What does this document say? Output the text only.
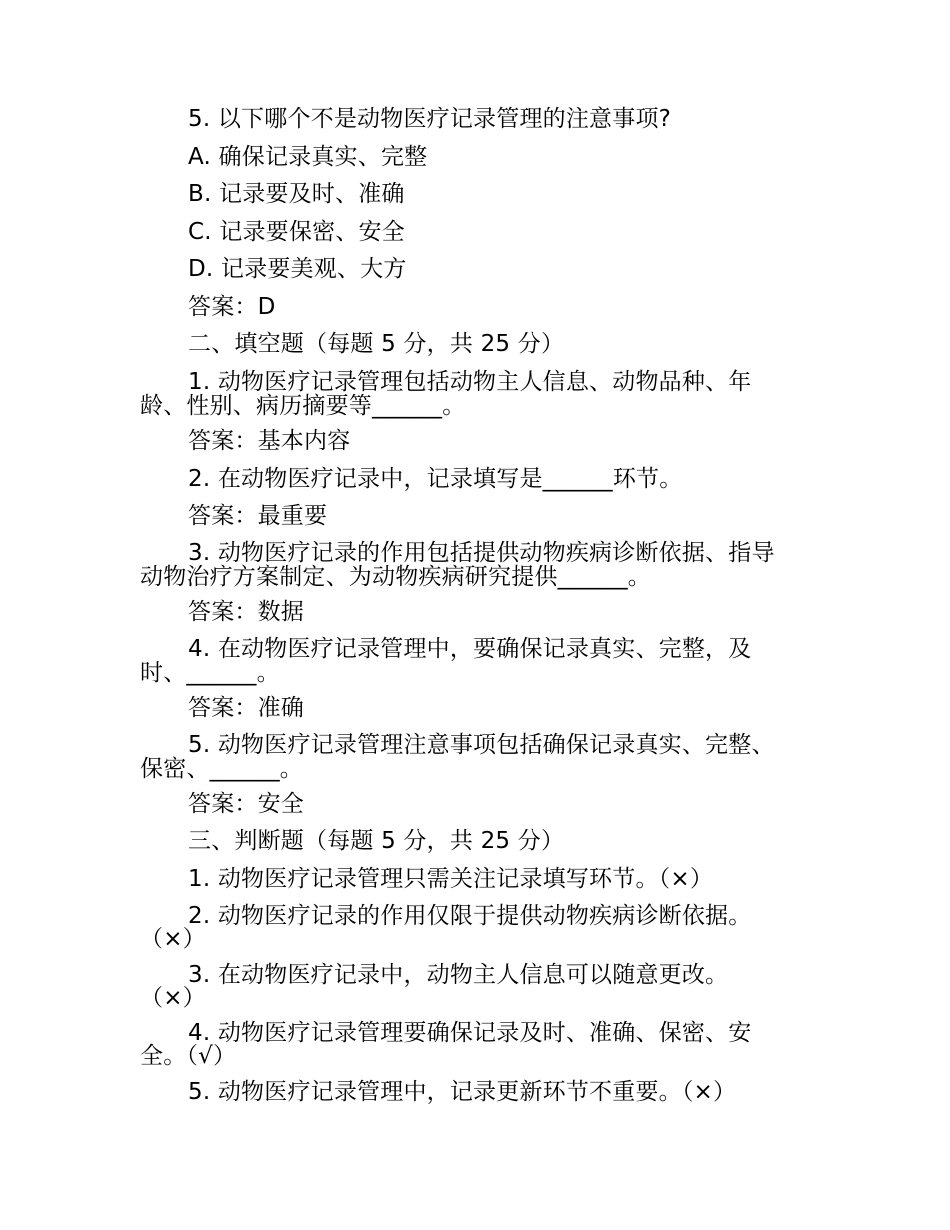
5. 以下哪个不是动物医疗记录管理的注意事项?

A. 确保记录真实、完整

B. 记录要及时、准确

C. 记录要保密、安全

D. 记录要美观、大方

答案：D

二、填空题（每题 5 分，共 25 分）

1. 动物医疗记录管理包括动物主人信息、动物品种、年

龄、性别、病历摘要等______。

答案：基本内容

2. 在动物医疗记录中，记录填写是______环节。

答案：最重要

3. 动物医疗记录的作用包括提供动物疾病诊断依据、指导

动物治疗方案制定、为动物疾病研究提供______。

答案：数据

4. 在动物医疗记录管理中，要确保记录真实、完整，及

时、______。

答案：准确

5. 动物医疗记录管理注意事项包括确保记录真实、完整、

保密、______。

答案：安全

三、判断题（每题 5 分，共 25 分）

1. 动物医疗记录管理只需关注记录填写环节。（×）

2. 动物医疗记录的作用仅限于提供动物疾病诊断依据。

（×）

3. 在动物医疗记录中，动物主人信息可以随意更改。

（×）

4. 动物医疗记录管理要确保记录及时、准确、保密、安

全。（√）

5. 动物医疗记录管理中，记录更新环节不重要。（×）
